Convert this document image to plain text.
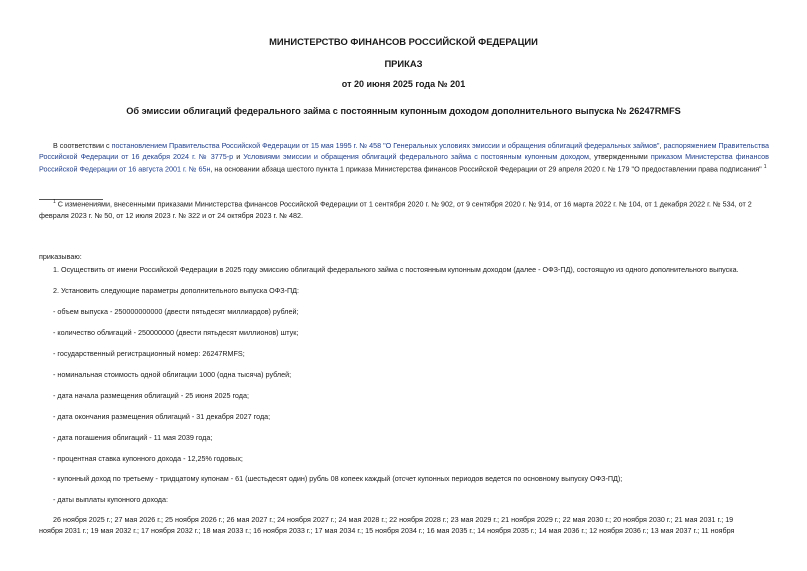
МИНИСТЕРСТВО ФИНАНСОВ РОССИЙСКОЙ ФЕДЕРАЦИИ
ПРИКАЗ
от 20 июня 2025 года № 201
Об эмиссии облигаций федерального займа с постоянным купонным доходом дополнительного выпуска № 26247RMFS
В соответствии с постановлением Правительства Российской Федерации от 15 мая 1995 г. № 458 "О Генеральных условиях эмиссии и обращения облигаций федеральных займов", распоряжением Правительства Российской Федерации от 16 декабря 2024 г. № 3775-р и Условиями эмиссии и обращения облигаций федерального займа с постоянным купонным доходом, утвержденными приказом Министерства финансов Российской Федерации от 16 августа 2001 г. № 65н, на основании абзаца шестого пункта 1 приказа Министерства финансов Российской Федерации от 29 апреля 2020 г. № 179 "О предоставлении права подписания" $^1$
$^1$ С изменениями, внесенными приказами Министерства финансов Российской Федерации от 1 сентября 2020 г. № 902, от 9 сентября 2020 г. № 914, от 16 марта 2022 г. № 104, от 1 декабря 2022 г. № 534, от 2
февраля 2023 г. № 50, от 12 июля 2023 г. № 322 и от 24 октября 2023 г. № 482.
приказываю:
1. Осуществить от имени Российской Федерации в 2025 году эмиссию облигаций федерального займа с постоянным купонным доходом (далее - ОФЗ-ПД), состоящую из одного дополнительного выпуска.
2. Установить следующие параметры дополнительного выпуска ОФЗ-ПД:
- объем выпуска - 250000000000 (двести пятьдесят миллиардов) рублей;
- количество облигаций - 250000000 (двести пятьдесят миллионов) штук;
- государственный регистрационный номер: 26247RMFS;
- номинальная стоимость одной облигации 1000 (одна тысяча) рублей;
- дата начала размещения облигаций - 25 июня 2025 года;
- дата окончания размещения облигаций - 31 декабря 2027 года;
- дата погашения облигаций - 11 мая 2039 года;
- процентная ставка купонного дохода - 12,25% годовых;
- купонный доход по третьему - тридцатому купонам - 61 (шестьдесят один) рубль 08 копеек каждый (отсчет купонных периодов ведется по основному выпуску ОФЗ-ПД);
- даты выплаты купонного дохода:
26 ноября 2025 г.; 27 мая 2026 г.; 25 ноября 2026 г.; 26 мая 2027 г.; 24 ноября 2027 г.; 24 мая 2028 г.; 22 ноября 2028 г.; 23 мая 2029 г.; 21 ноября 2029 г.; 22 мая 2030 г.; 20 ноября 2030 г.; 21 мая 2031 г.; 19
ноября 2031 г.; 19 мая 2032 г.; 17 ноября 2032 г.; 18 мая 2033 г.; 16 ноября 2033 г.; 17 мая 2034 г.; 15 ноября 2034 г.; 16 мая 2035 г.; 14 ноября 2035 г.; 14 мая 2036 г.; 12 ноября 2036 г.; 13 мая 2037 г.; 11 ноября
